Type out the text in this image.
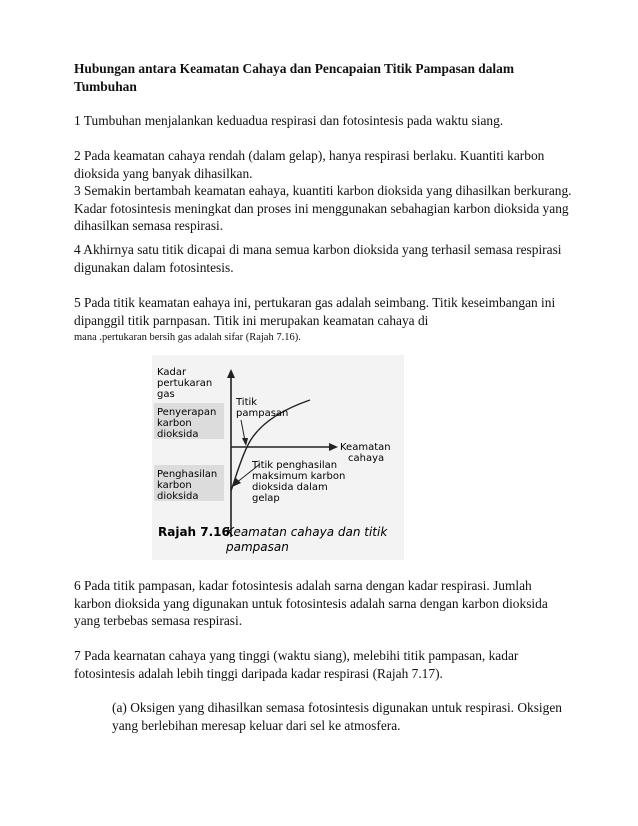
Hubungan antara Keamatan Cahaya dan Pencapaian Titik Pampasan dalam Tumbuhan

1 Tumbuhan menjalankan keduadua respirasi dan fotosintesis pada waktu siang.

2 Pada keamatan cahaya rendah (dalam gelap), hanya respirasi berlaku. Kuantiti karbon dioksida yang banyak dihasilkan.

3 Semakin bertambah keamatan eahaya, kuantiti karbon dioksida yang dihasilkan berkurang. Kadar fotosintesis meningkat dan proses ini menggunakan sebahagian karbon dioksida yang dihasilkan semasa respirasi.

4 Akhirnya satu titik dicapai di mana semua karbon dioksida yang terhasil semasa respirasi digunakan dalam fotosintesis.

5 Pada titik keamatan eahaya ini, pertukaran gas adalah seimbang. Titik keseimbangan ini dipanggil titik parnpasan. Titik ini merupakan keamatan cahaya di

mana .pertukaran bersih gas adalah sifar (Rajah 7.16).

Kadar
pertukaran
gas
Penyerapan
karbon
dioksida
Penghasilan
karbon
dioksida
Titik
pampasan
Keamatan
cahaya
Titik penghasilan
maksimum karbon
dioksida dalam
gelap
Rajah 7.16
Keamatan cahaya dan titik
pampasan

6 Pada titik pampasan, kadar fotosintesis adalah sarna dengan kadar respirasi. Jumlah karbon dioksida yang digunakan untuk fotosintesis adalah sarna dengan karbon dioksida yang terbebas semasa respirasi.

7 Pada kearnatan cahaya yang tinggi (waktu siang), melebihi titik pampasan, kadar fotosintesis adalah lebih tinggi daripada kadar respirasi (Rajah 7.17).

(a) Oksigen yang dihasilkan semasa fotosintesis digunakan untuk respirasi. Oksigen yang berlebihan meresap keluar dari sel ke atmosfera.
